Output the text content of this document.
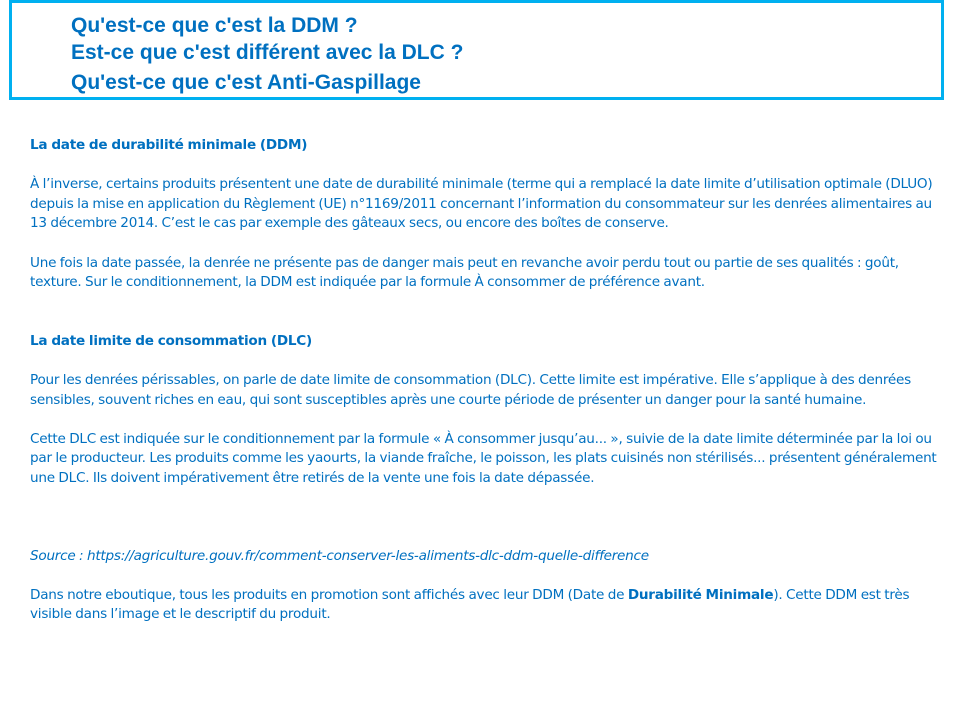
Qu'est-ce que c'est la DDM ?
Est-ce que c'est différent avec la DLC ?
Qu'est-ce que c'est Anti-Gaspillage

La date de durabilité minimale (DDM)

À l’inverse, certains produits présentent une date de durabilité minimale (terme qui a remplacé la date limite d’utilisation optimale (DLUO) depuis la mise en application du Règlement (UE) n°1169/2011 concernant l’information du consommateur sur les denrées alimentaires au 13 décembre 2014. C’est le cas par exemple des gâteaux secs, ou encore des boîtes de conserve.

Une fois la date passée, la denrée ne présente pas de danger mais peut en revanche avoir perdu tout ou partie de ses qualités : goût, texture. Sur le conditionnement, la DDM est indiquée par la formule À consommer de préférence avant.

La date limite de consommation (DLC)

Pour les denrées périssables, on parle de date limite de consommation (DLC). Cette limite est impérative. Elle s’applique à des denrées sensibles, souvent riches en eau, qui sont susceptibles après une courte période de présenter un danger pour la santé humaine.

Cette DLC est indiquée sur le conditionnement par la formule « À consommer jusqu’au... », suivie de la date limite déterminée par la loi ou par le producteur. Les produits comme les yaourts, la viande fraîche, le poisson, les plats cuisinés non stérilisés... présentent généralement une DLC. Ils doivent impérativement être retirés de la vente une fois la date dépassée.

Source : https://agriculture.gouv.fr/comment-conserver-les-aliments-dlc-ddm-quelle-difference

Dans notre eboutique, tous les produits en promotion sont affichés avec leur DDM (Date de Durabilité Minimale). Cette DDM est très visible dans l’image et le descriptif du produit.
